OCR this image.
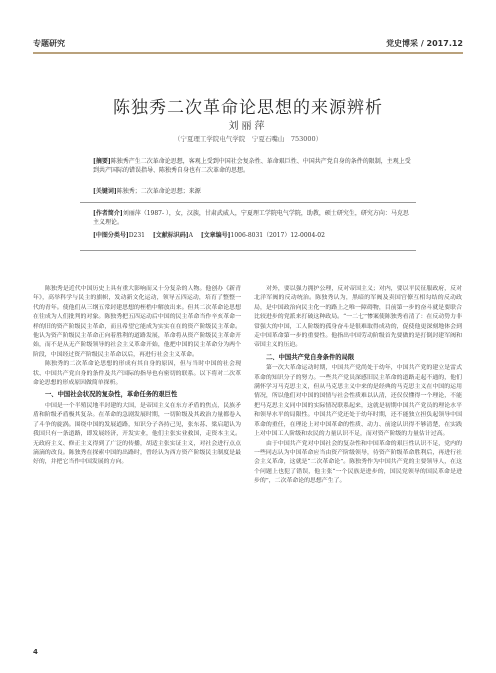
专题研究	党史博采 / 2017.12
陈独秀二次革命论思想的来源辨析
刘丽萍
（宁夏理工学院电气学院　宁夏石嘴山　753000）
[摘要]陈独秀产生二次革命论思想，客观上受到中国社会复杂性、革命艰巨性、中国共产党自身的条件的限制，主观上受到共产国际的错误指导、陈独秀自身也有二次革命的思想。
[关键词]陈独秀；二次革命论思想；来源
[作者简介]刘丽萍（1987- ），女，汉族，甘肃武威人，宁夏理工学院电气学院，助教，硕士研究生，研究方向：马克思主义理论。
[中图分类号]D231　 [文献标识码]A　 [文章编号]1006-8031（2017）12-0004-02

陈独秀是近代中国历史上具有重大影响而又十分复杂的人物。他创办《新青年》，高举科学与民主的旗帜，发动新文化运动，领导五四运动，培育了整整一代的青年。使他们从三纲五常封建思想的桎梏中解放出来。但其二次革命论思想在往成为人们批判的对象。陈独秀把五四运动后中国的民主革命当作辛亥革命一样的旧的资产阶级民主革命，而且希望它能成为实实在在的资产阶级民主革命。他认为资产阶级民主革命正向着胜利的道路发展，革命将从资产阶级民主革命开始，而不是从无产阶级领导的社会主义革命开始，他把中国的民主革命分为两个阶段，中国经过资产阶级民主革命以后，再进行社会主义革命。

陈独秀的二次革命论思想的形成有其自身的原因，但与当时中国的社会现状、中国共产党自身的条件及共产国际的指导也有密切的联系。以下将对二次革命论思想的形成原因做简单探析。

一、中国社会状况的复杂性，革命任务的艰巨性

中国是一个半殖民地半封建的大国，是帝国主义在东方矛盾的焦点，民族矛盾和阶级矛盾极其复杂。在革命的急剧发展时期，一切阶级及其政治力量都卷入了斗争的旋涡。围绕中国的发展道路，知识分子各持己见，张东荪、梁启超认为我国只有一条道路，即发展经济，开发实业，他们主张实业救国，走资本主义。无政府主义、修正主义得到了广泛的传播，胡适主张实证主义，对社会进行点点滴滴的改良。陈独秀在探索中国的出路时，曾经认为西方资产阶级民主制度是最好的，并把它当作中国发展的方向。

对外，要以强力拥护公理，反对帝国主义；对内，要以平民征服政府，反对北洋军阀的反动统治。陈独秀认为，黑暗的军阀及卖国官僚互相勾结的反动政局，是中国政治向民主化一的路上之唯一障碍物，目前第一步的奋斗就是要联合比较进步的党派来打破这种政局。“一二七”惨案使陈独秀看清了：在反动势力非常强大的中国，工人阶级的孤身奋斗是很难取得成功的，促使他更深刻地体会到走中国革命第一步的重要性。他指出中国劳动阶级首先要做的是打倒封建军阀和帝国主义的压迫。

二、中国共产党自身条件的局限

第一次大革命运动时期，中国共产党尚处于幼年，中国共产党的建立是雷式革命的知识分子的努力。一些共产党员深感旧民主革命的道路走起不通的，他们满怀学习马克思主义，但从马克思主义中来的是经典的马克思主义在中国的运用情况，所以他们对中国的国情与社会性质难以认清，还仅仅懂得一个理论，不能把马克思主义同中国的实际情况联系起来，这就是初期中国共产党员的理论水平和领导水平的局限性。中国共产党还处于幼年时期，还不能独立担负起领导中国革命的重任，在理论上对中国革命的性质、动力、前途认识得不够清楚，在实践上对中国工人阶级和农民的力量认识不足，而对资产阶级的力量估计过高。

由于中国共产党对中国社会的复杂性和中国革命的艰巨性认识不足，党内的一些同志认为中国革命应当由资产阶级领导，待资产阶级革命胜利后，再进行社会主义革命，这就是“二次革命论”。陈独秀作为中国共产党的主要领导人，在这个问题上也犯了错误，他主张“一个民族是进步的，国民党领导的国民革命是进步的”，二次革命论的思想产生了。

4
